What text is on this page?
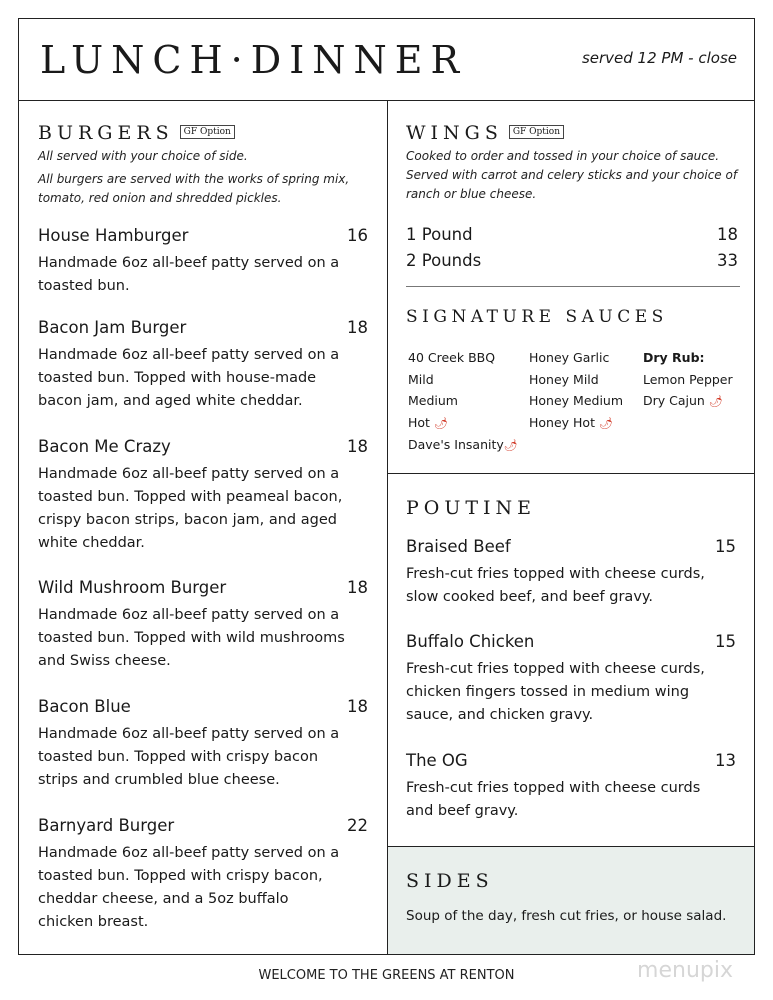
LUNCH·DINNER	served 12 PM - close
BURGERS GF Option
All served with your choice of side.
All burgers are served with the works of spring mix, tomato, red onion and shredded pickles.
House Hamburger	16
Handmade 6oz all-beef patty served on a toasted bun.
Bacon Jam Burger	18
Handmade 6oz all-beef patty served on a toasted bun. Topped with house-made bacon jam, and aged white cheddar.
Bacon Me Crazy	18
Handmade 6oz all-beef patty served on a toasted bun. Topped with peameal bacon, crispy bacon strips, bacon jam, and aged white cheddar.
Wild Mushroom Burger	18
Handmade 6oz all-beef patty served on a toasted bun. Topped with wild mushrooms and Swiss cheese.
Bacon Blue	18
Handmade 6oz all-beef patty served on a toasted bun. Topped with crispy bacon strips and crumbled blue cheese.
Barnyard Burger	22
Handmade 6oz all-beef patty served on a toasted bun. Topped with crispy bacon, cheddar cheese, and a 5oz buffalo chicken breast.
WINGS GF Option
Cooked to order and tossed in your choice of sauce. Served with carrot and celery sticks and your choice of ranch or blue cheese.
1 Pound	18
2 Pounds	33
SIGNATURE SAUCES
40 Creek BBQ
Mild
Medium
Hot 🌶
Dave's Insanity🌶
Honey Garlic
Honey Mild
Honey Medium
Honey Hot 🌶
Dry Rub:
Lemon Pepper
Dry Cajun 🌶
POUTINE
Braised Beef	15
Fresh-cut fries topped with cheese curds, slow cooked beef, and beef gravy.
Buffalo Chicken	15
Fresh-cut fries topped with cheese curds, chicken fingers tossed in medium wing sauce, and chicken gravy.
The OG	13
Fresh-cut fries topped with cheese curds and beef gravy.
SIDES
Soup of the day, fresh cut fries, or house salad.
WELCOME TO THE GREENS AT RENTON	menupix
